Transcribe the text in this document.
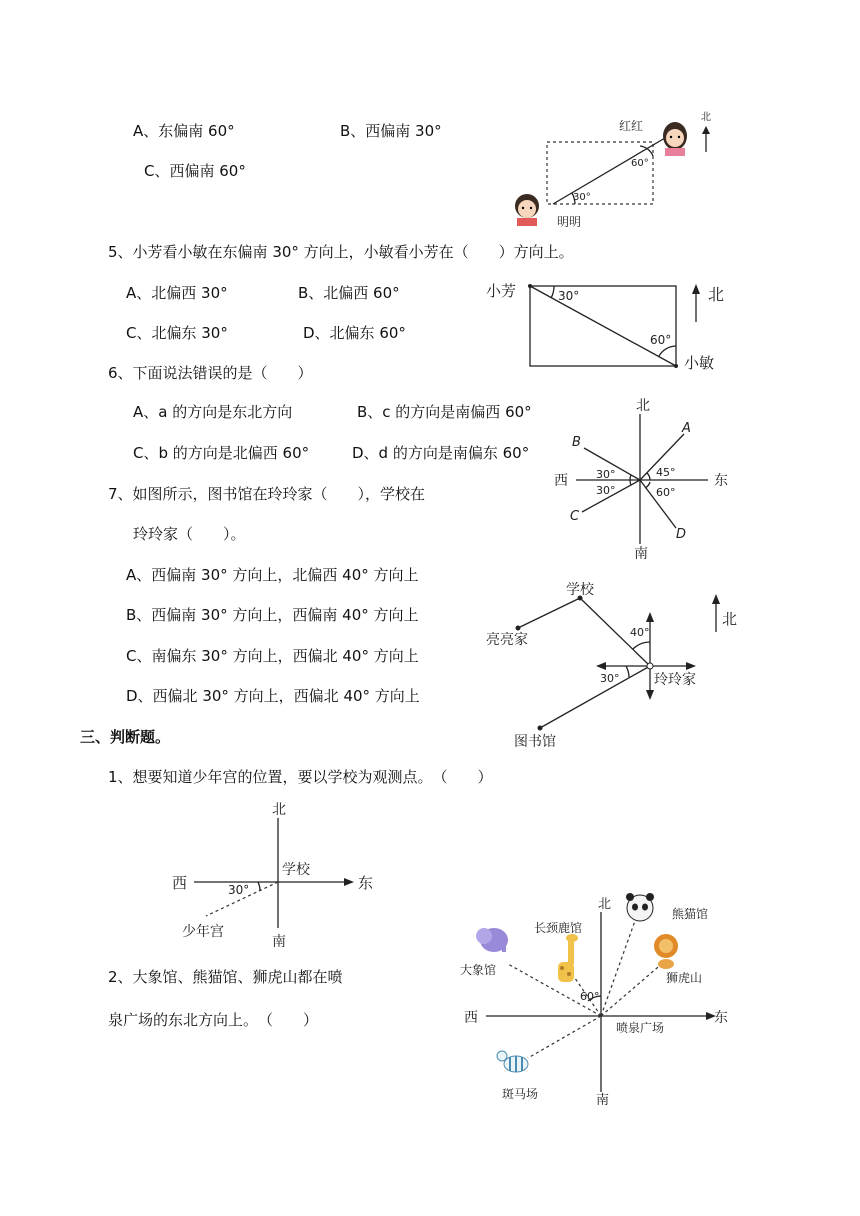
A、东偏南 60°	B、西偏南 30°
C、西偏南 60°
30°
60°
红红
明明
北
5、小芳看小敏在东偏南 30° 方向上，小敏看小芳在（　　）方向上。
A、北偏西 30°	B、北偏西 60°
C、北偏东 30°	D、北偏东 60°
30°
60°
小芳
小敏
北
6、下面说法错误的是（　　）
A、a 的方向是东北方向	B、c 的方向是南偏西 60°
C、b 的方向是北偏西 60°	D、d 的方向是南偏东 60°
北
南
西	东
A
B
C
D
30°
30°
45°
60°
7、如图所示，图书馆在玲玲家（　　），学校在
玲玲家（　　）。
A、西偏南 30° 方向上，北偏西 40° 方向上
B、西偏南 30° 方向上，西偏南 40° 方向上
C、南偏东 30° 方向上，西偏北 40° 方向上
D、西偏北 30° 方向上，西偏北 40° 方向上
学校
亮亮家
玲玲家
图书馆
40°
30°
北
三、判断题。
1、想要知道少年宫的位置，要以学校为观测点。　（　　）
北
南
西	东
学校
少年宫
30°
2、大象馆、熊猫馆、狮虎山都在喷
泉广场的东北方向上。　（　　）
北
南
西	东
60°
长颈鹿馆
大象馆
熊猫馆
狮虎山
喷泉广场
斑马场
